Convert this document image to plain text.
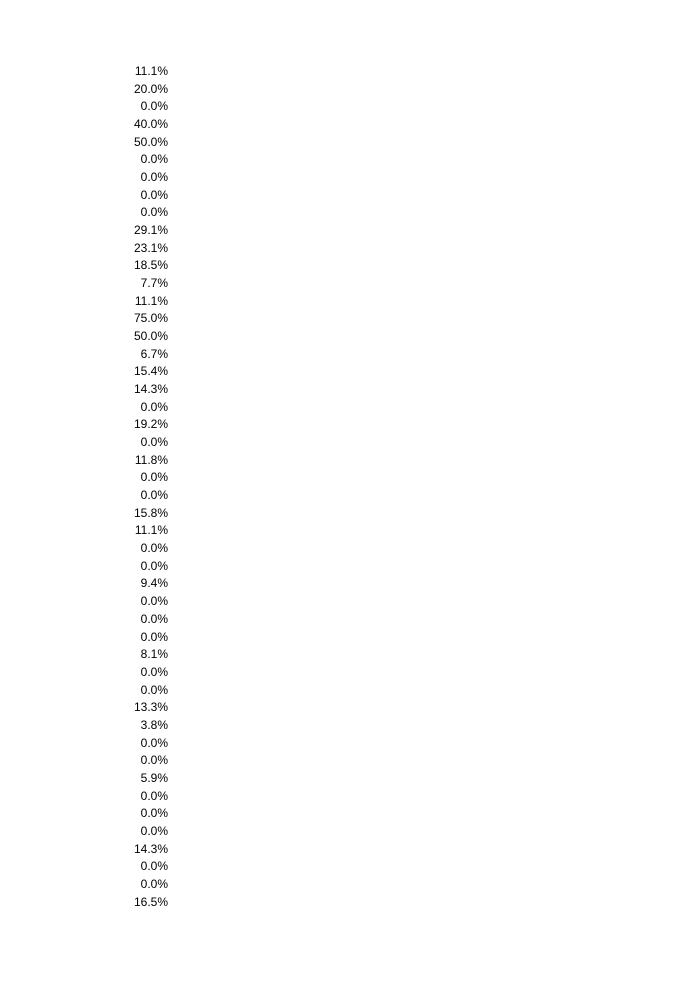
11.1%
20.0%
0.0%
40.0%
50.0%
0.0%
0.0%
0.0%
0.0%
29.1%
23.1%
18.5%
7.7%
11.1%
75.0%
50.0%
6.7%
15.4%
14.3%
0.0%
19.2%
0.0%
11.8%
0.0%
0.0%
15.8%
11.1%
0.0%
0.0%
9.4%
0.0%
0.0%
0.0%
8.1%
0.0%
0.0%
13.3%
3.8%
0.0%
0.0%
5.9%
0.0%
0.0%
0.0%
14.3%
0.0%
0.0%
16.5%
